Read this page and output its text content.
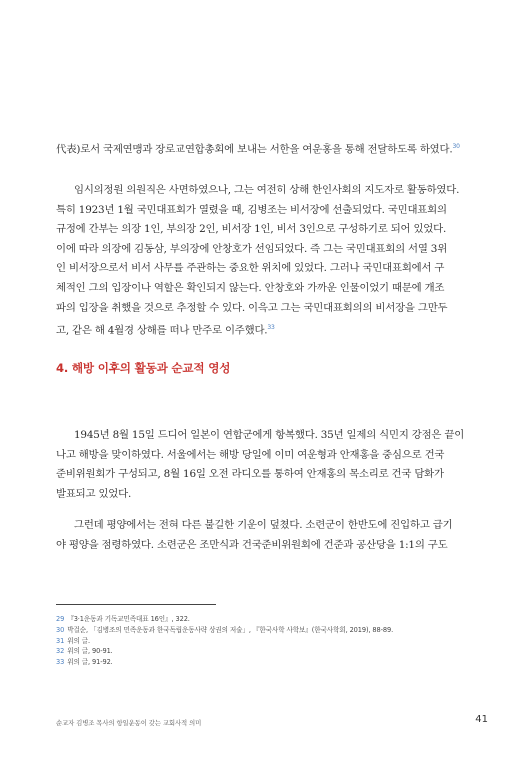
代表)로서 국제연맹과 장로교연합총회에 보내는 서한을 여운홍을 통해 전달하도록 하였다.$^{30}$

임시의정원 의원직은 사면하였으나, 그는 여전히 상해 한인사회의 지도자로 활동하였다.
특히 1923년 1월 국민대표회가 열렸을 때, 김병조는 비서장에 선출되었다. 국민대표회의
규정에 간부는 의장 1인, 부의장 2인, 비서장 1인, 비서 3인으로 구성하기로 되어 있었다.
이에 따라 의장에 김동삼, 부의장에 안창호가 선임되었다. 즉 그는 국민대표회의 서열 3위
인 비서장으로서 비서 사무를 주관하는 중요한 위치에 있었다. 그러나 국민대표회에서 구
체적인 그의 입장이나 역할은 확인되지 않는다. 안창호와 가까운 인물이었기 때문에 개조
파의 입장을 취했을 것으로 추정할 수 있다. 이윽고 그는 국민대표회의의 비서장을 그만두
고, 같은 해 4월경 상해를 떠나 만주로 이주했다.$^{33}$

4. 해방 이후의 활동과 순교적 영성

1945년 8월 15일 드디어 일본이 연합군에게 항복했다. 35년 일제의 식민지 강점은 끝이
나고 해방을 맞이하였다. 서울에서는 해방 당일에 이미 여운형과 안재홍을 중심으로 건국
준비위원회가 구성되고, 8월 16일 오전 라디오를 통하여 안재홍의 목소리로 건국 담화가
발표되고 있었다.

그런데 평양에서는 전혀 다른 불길한 기운이 덮쳤다. 소련군이 한반도에 진입하고 급기
야 평양을 점령하였다. 소련군은 조만식과 건국준비위원회에 건준과 공산당을 1:1의 구도

29 『3·1운동과 기독교민족대표 16인』, 322.
30 박걸순, 「김병조의 민족운동과 한국독립운동사략 상권의 저술」, 『한국사학 사학보』(한국사학회, 2019), 88-89.
31 위의 글.
32 위의 글, 90-91.
33 위의 글, 91-92.
순교자 김병조 목사의 항일운동이 갖는 교회사적 의미	41
